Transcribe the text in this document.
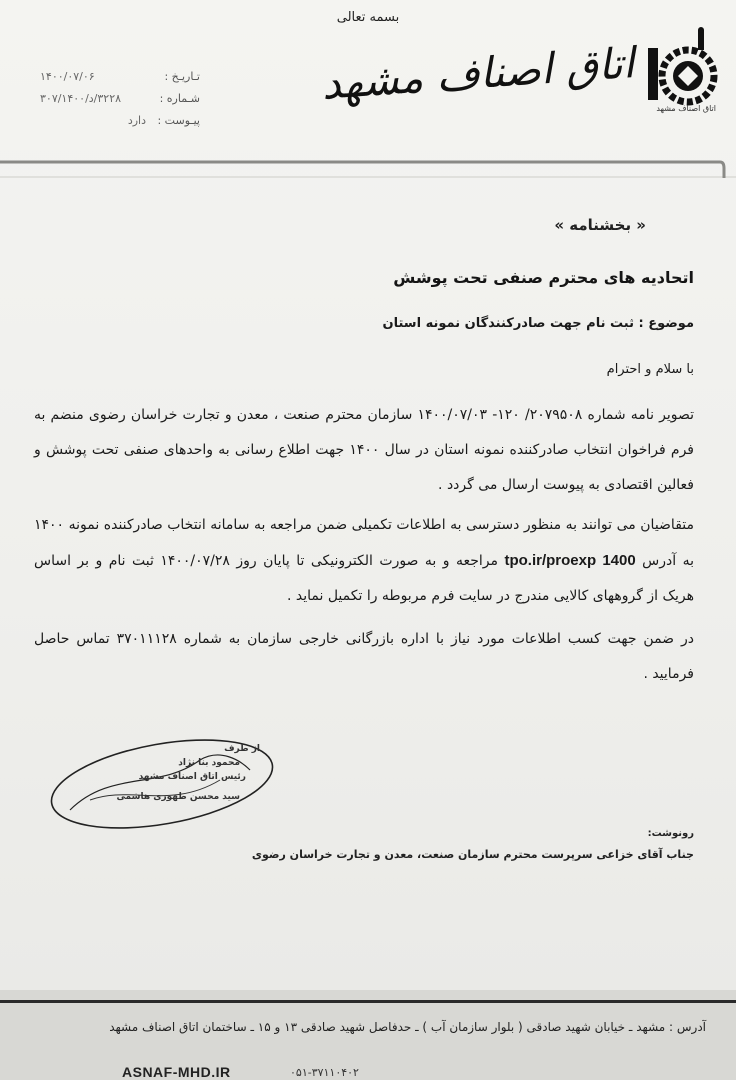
بسمه تعالی
اتاق اصناف مشهد
اتاق اصناف مشهد
تـاریـخ :
۱۴۰۰/۰۷/۰۶
شـماره :
۳۲۲۸/د/۳۰۷/۱۴۰۰
پیـوست :
دارد
« بخشنامه »
اتحادیه های محترم صنفی تحت پوشش
موضوع : ثبت نام جهت صادرکنندگان نمونه استان
با سلام و احترام
تصویر نامه شماره ۲۰۷۹۵۰۸/ ۱۲۰- ۱۴۰۰/۰۷/۰۳ سازمان محترم صنعت ، معدن و تجارت خراسان رضوی منضم به فرم فراخوان انتخاب صادرکننده نمونه استان در سال ۱۴۰۰ جهت اطلاع رسانی به واحدهای صنفی تحت پوشش و فعالین اقتصادی به پیوست ارسال می گردد .
متقاضیان می توانند به منظور دسترسی به اطلاعات تکمیلی ضمن مراجعه به سامانه انتخاب صادرکننده نمونه ۱۴۰۰ به آدرس tpo.ir/proexp 1400 مراجعه و به صورت الکترونیکی تا پایان روز ۱۴۰۰/۰۷/۲۸ ثبت نام و بر اساس هریک از گروههای کالایی مندرج در سایت فرم مربوطه را تکمیل نماید .
در ضمن جهت کسب اطلاعات مورد نیاز با اداره بازرگانی خارجی سازمان به شماره ۳۷۰۱۱۱۲۸ تماس حاصل فرمایید .
از طرف
محمود بنا نژاد
رئیس اتاق اصناف مشهد
سید محسن طهوری هاشمی
رونوشت:
جناب آقای خزاعی سرپرست محترم سازمان صنعت، معدن و تجارت خراسان رضوی
آدرس : مشهد ـ خیابان شهید صادقی ( بلوار سازمان آب ) ـ حدفاصل شهید صادقی ۱۳ و ۱۵ ـ ساختمان اتاق اصناف مشهد
ASNAF-MHD.IR	۰۵۱-۳۷۱۱۰۴۰۲
